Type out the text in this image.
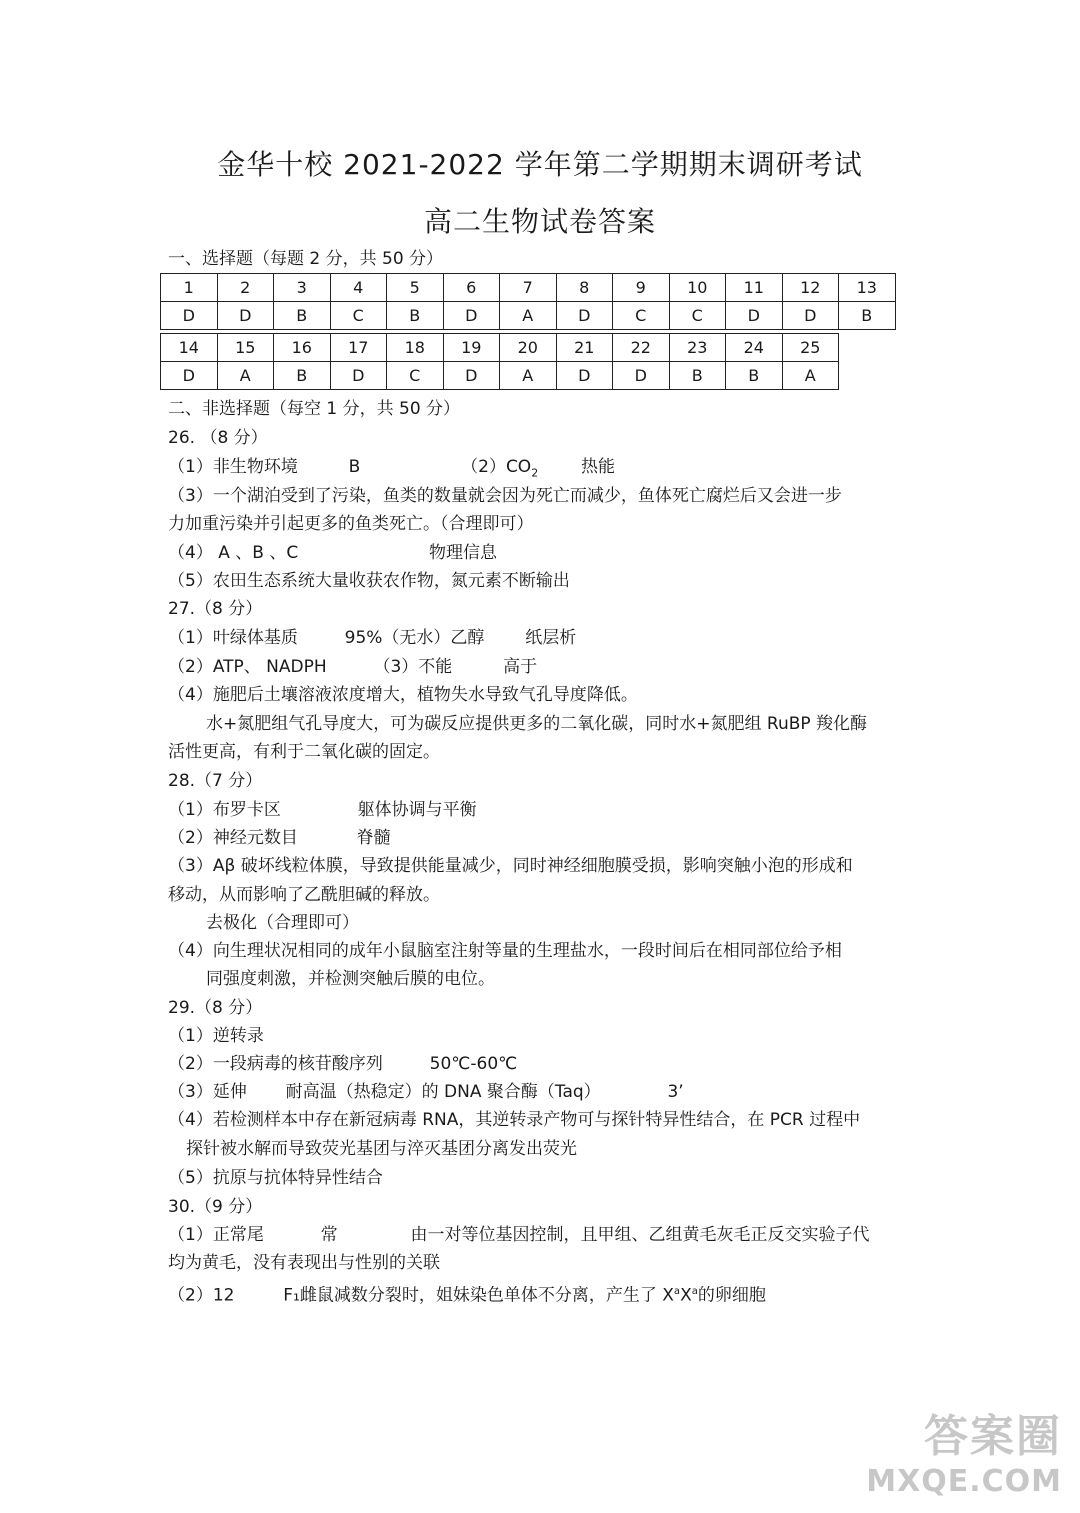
金华十校 2021-2022 学年第二学期期末调研考试
高二生物试卷答案
一、选择题（每题 2 分，共 50 分）
1	2	3	4	5	6	7	8	9	10	11	12	13
D	D	B	C	B	D	A	D	C	C	D	D	B
14	15	16	17	18	19	20	21	22	23	24	25
D	A	B	D	C	D	A	D	D	B	B	A
二、非选择题（每空 1 分，共 50 分）
26. （8 分）
（1）非生物环境	B	$(2)CO_2$	热能
（3）一个湖泊受到了污染，鱼类的数量就会因为死亡而减少，鱼体死亡腐烂后又会进一步
力加重污染并引起更多的鱼类死亡。（合理即可）
（4） A 、B 、C	物理信息
（5）农田生态系统大量收获农作物，氮元素不断输出
27.（8 分）
（1）叶绿体基质	95%（无水）乙醇 纸层析
（2）ATP、 NADPH	（3）不能	高于
（4）施肥后土壤溶液浓度增大，植物失水导致气孔导度降低。
水+氮肥组气孔导度大，可为碳反应提供更多的二氧化碳，同时水+氮肥组 RuBP 羧化酶
活性更高，有利于二氧化碳的固定。
28.（7 分）
（1）布罗卡区	躯体协调与平衡
（2）神经元数目	脊髓
（3）Aβ 破坏线粒体膜，导致提供能量减少，同时神经细胞膜受损，影响突触小泡的形成和
移动，从而影响了乙酰胆碱的释放。
去极化（合理即可）
（4）向生理状况相同的成年小鼠脑室注射等量的生理盐水，一段时间后在相同部位给予相
同强度刺激，并检测突触后膜的电位。
29.（8 分）
（1）逆转录
（2）一段病毒的核苷酸序列	50℃-60℃
（3）延伸 耐高温（热稳定）的 DNA 聚合酶（Taq）	3’
（4）若检测样本中存在新冠病毒 RNA，其逆转录产物可与探针特异性结合，在 PCR 过程中
探针被水解而导致荧光基团与淬灭基团分离发出荧光
（5）抗原与抗体特异性结合
30.（9 分）
（1）正常尾	常	由一对等位基因控制，且甲组、乙组黄毛灰毛正反交实验子代
均为黄毛，没有表现出与性别的关联
（2）12	F₁雌鼠减数分裂时，姐妹染色单体不分离，产生了 $X^aX^a$的卵细胞
答案圈
MXQE.COM
